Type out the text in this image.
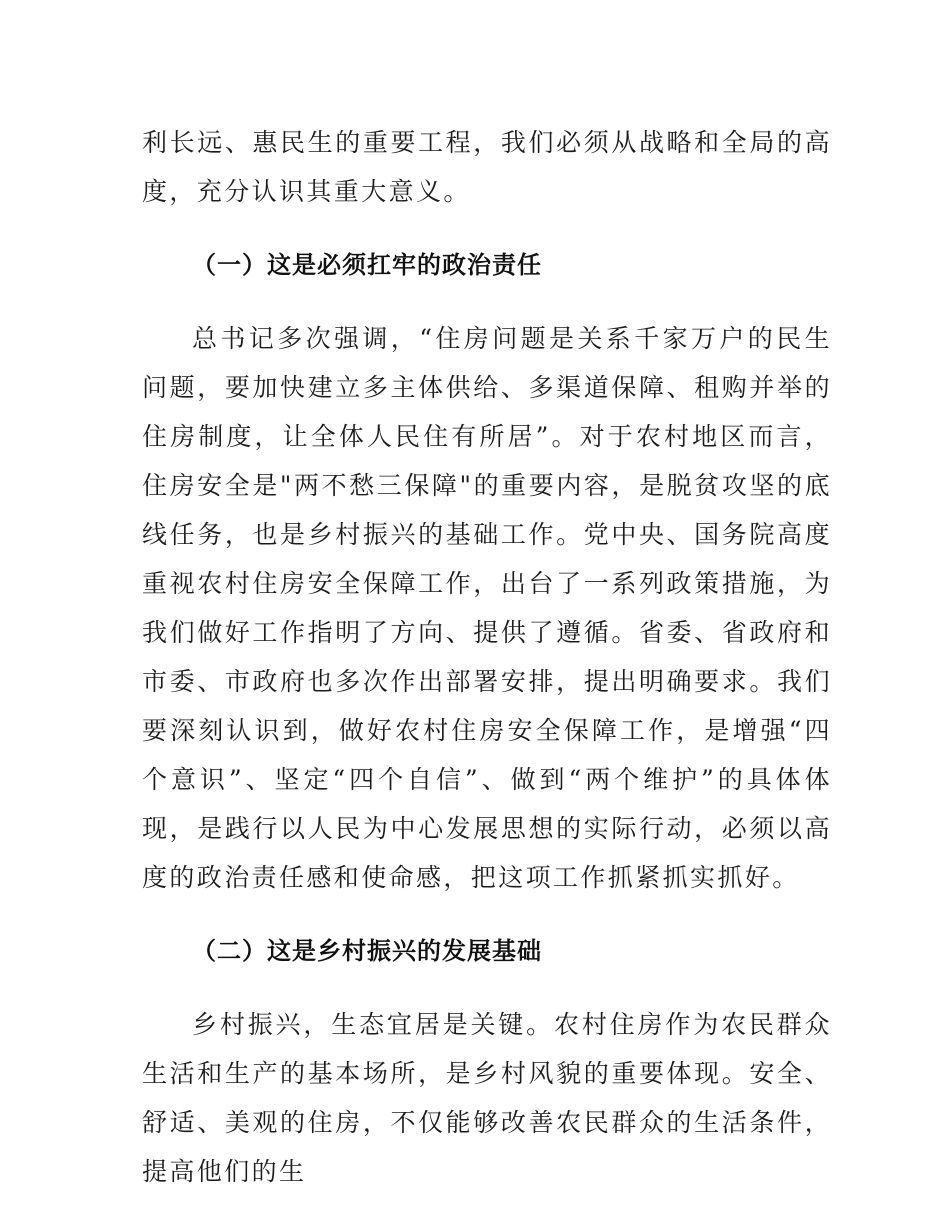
利长远、惠民生的重要工程，我们必须从战略和全局的高度，充分认识其重大意义。

（一）这是必须扛牢的政治责任

总书记多次强调，“住房问题是关系千家万户的民生问题，要加快建立多主体供给、多渠道保障、租购并举的住房制度，让全体人民住有所居”。对于农村地区而言，住房安全是"两不愁三保障"的重要内容，是脱贫攻坚的底线任务，也是乡村振兴的基础工作。党中央、国务院高度重视农村住房安全保障工作，出台了一系列政策措施，为我们做好工作指明了方向、提供了遵循。省委、省政府和市委、市政府也多次作出部署安排，提出明确要求。我们要深刻认识到，做好农村住房安全保障工作，是增强“四个意识”、坚定“四个自信”、做到“两个维护”的具体体现，是践行以人民为中心发展思想的实际行动，必须以高度的政治责任感和使命感，把这项工作抓紧抓实抓好。

（二）这是乡村振兴的发展基础

乡村振兴，生态宜居是关键。农村住房作为农民群众生活和生产的基本场所，是乡村风貌的重要体现。安全、舒适、美观的住房，不仅能够改善农民群众的生活条件，提高他们的生
